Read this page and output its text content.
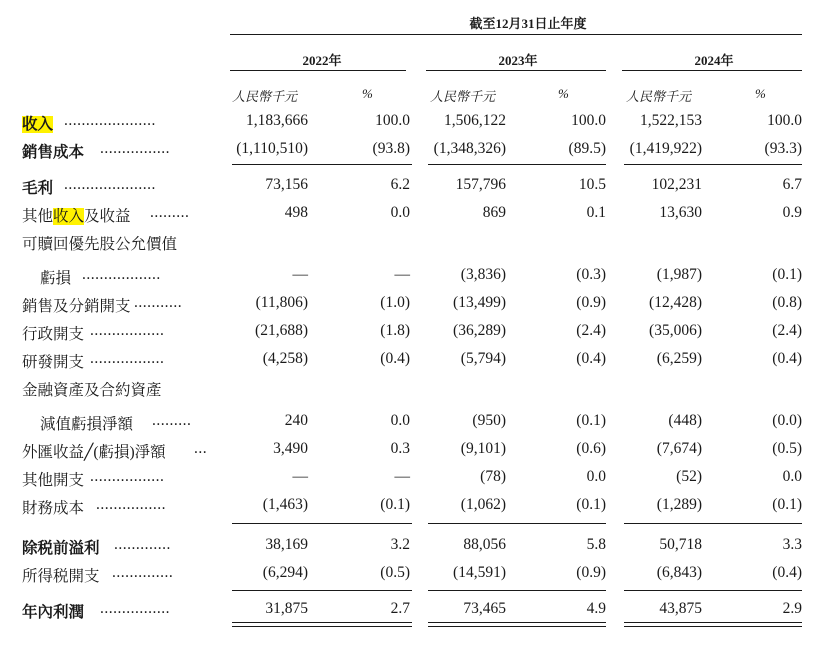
截至12月31日止年度
2022年	2023年	2024年
人民幣千元	%	人民幣千元	%	人民幣千元	%
收入 .....................	1,183,666	100.0 1,506,122	100.0 1,522,153	100.0
銷售成本 ................	(1,110,510)	(93.8) (1,348,326)	(89.5) (1,419,922)	(93.3)
毛利 .....................	73,156	6.2	157,796	10.5	102,231	6.7
其他收入及收益 .........	498	0.0	869	0.1	13,630	0.9
可贖回優先股公允價值
虧損 ..................	—	—	(3,836)	(0.3)	(1,987)	(0.1)
銷售及分銷開支 ...........	(11,806)	(1.0)	(13,499)	(0.9)	(12,428)	(0.8)
行政開支 .................	(21,688)	(1.8)	(36,289)	(2.4)	(35,006)	(2.4)
研發開支 .................	(4,258)	(0.4)	(5,794)	(0.4)	(6,259)	(0.4)
金融資產及合約資產
減值虧損淨額 .........	240	0.0	(950)	(0.1)	(448)	(0.0)
外匯收益╱(虧損)淨額 ...	3,490	0.3	(9,101)	(0.6)	(7,674)	(0.5)
其他開支 .................	—	—	(78)	0.0	(52)	0.0
財務成本 ................	(1,463)	(0.1)	(1,062)	(0.1)	(1,289)	(0.1)
除税前溢利 .............	38,169	3.2	88,056	5.8	50,718	3.3
所得税開支 ..............	(6,294)	(0.5)	(14,591)	(0.9)	(6,843)	(0.4)
年內利潤 ................	31,875	2.7	73,465	4.9	43,875	2.9
